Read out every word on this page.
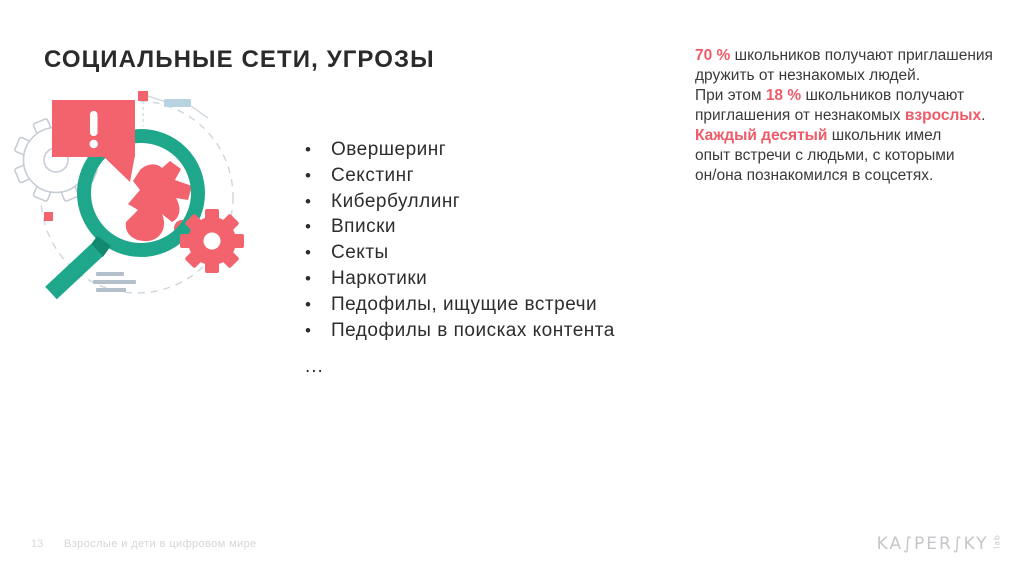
СОЦИАЛЬНЫЕ СЕТИ, УГРОЗЫ
•	Овершеринг
•	Секстинг
•	Кибербуллинг
•	Вписки
•	Секты
•	Наркотики
•	Педофилы, ищущие встречи
•	Педофилы в поисках контента
...

70 % школьников получают приглашения дружить от незнакомых людей.
При этом 18 % школьников получают приглашения от незнакомых взрослых.

Каждый десятый школьник имел опыт встречи с людьми, с которыми он/она познакомился в соцсетях.

13 Взрослые и дети в цифровом мире	KA∫PER∫KY lab
